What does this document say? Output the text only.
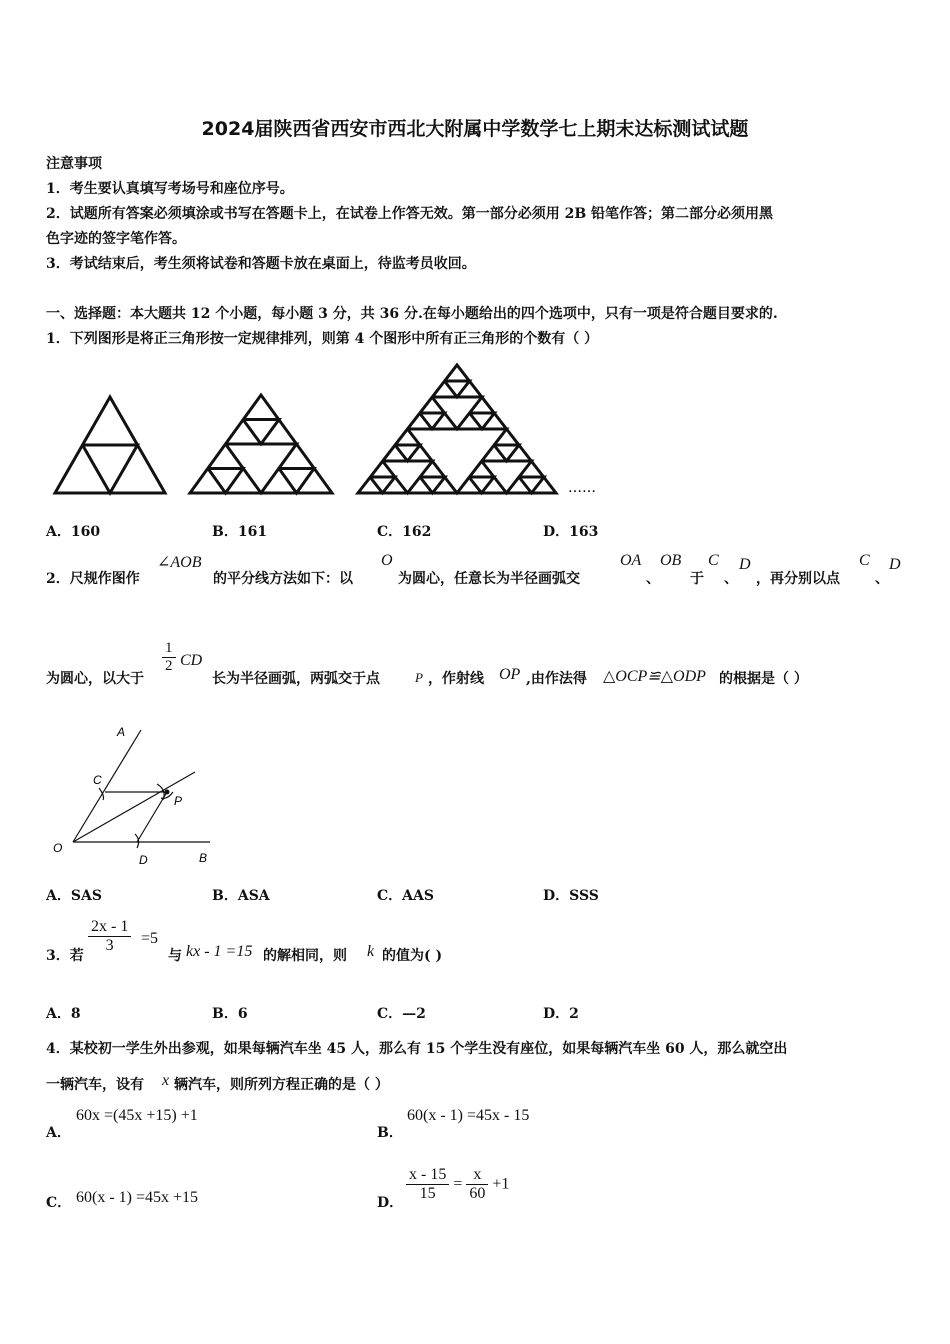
2024届陕西省西安市西北大附属中学数学七上期末达标测试试题
注意事项
1．考生要认真填写考场号和座位序号。
2．试题所有答案必须填涂或书写在答题卡上，在试卷上作答无效。第一部分必须用 2B 铅笔作答；第二部分必须用黑
色字迹的签字笔作答。
3．考试结束后，考生须将试卷和答题卡放在桌面上，待监考员收回。
一、选择题：本大题共 12 个小题，每小题 3 分，共 36 分.在每小题给出的四个选项中，只有一项是符合题目要求的.
1．下列图形是将正三角形按一定规律排列，则第 4 个图形中所有正三角形的个数有（ ）
……
A．160	B．161	C．162	D．163
2．尺规作图作
∠AOB
的平分线方法如下：以
O
为圆心，任意长为半径画弧交
OA
、
OB
于
C
、
D
，再分别以点
C
、
D
为圆心，以大于
$\frac{1}{2}$ CD
长为半径画弧，两弧交于点	P ，作射线 OP ,由作法得 △OCP≌△ODP 的根据是（ ）
A
C
P
O
D	B
A．SAS	B．ASA	C．AAS	D．SSS
3．若
$\frac{2x - 1}{3} =5$
与 kx - 1 =15 的解相同，则 k 的值为( )
A．8	B．6	C．—2	D．2
4．某校初一学生外出参观，如果每辆汽车坐 45 人，那么有 15 个学生没有座位，如果每辆汽车坐 60 人，那么就空出
一辆汽车，设有 x 辆汽车，则所列方程正确的是（ ）
A．
60x =(45x +15) +1
B．
60(x - 1) =45x - 15
C． 60(x - 1) =45x +15	D． $\frac{x - 15}{15} = \frac{x}{60} +1$
